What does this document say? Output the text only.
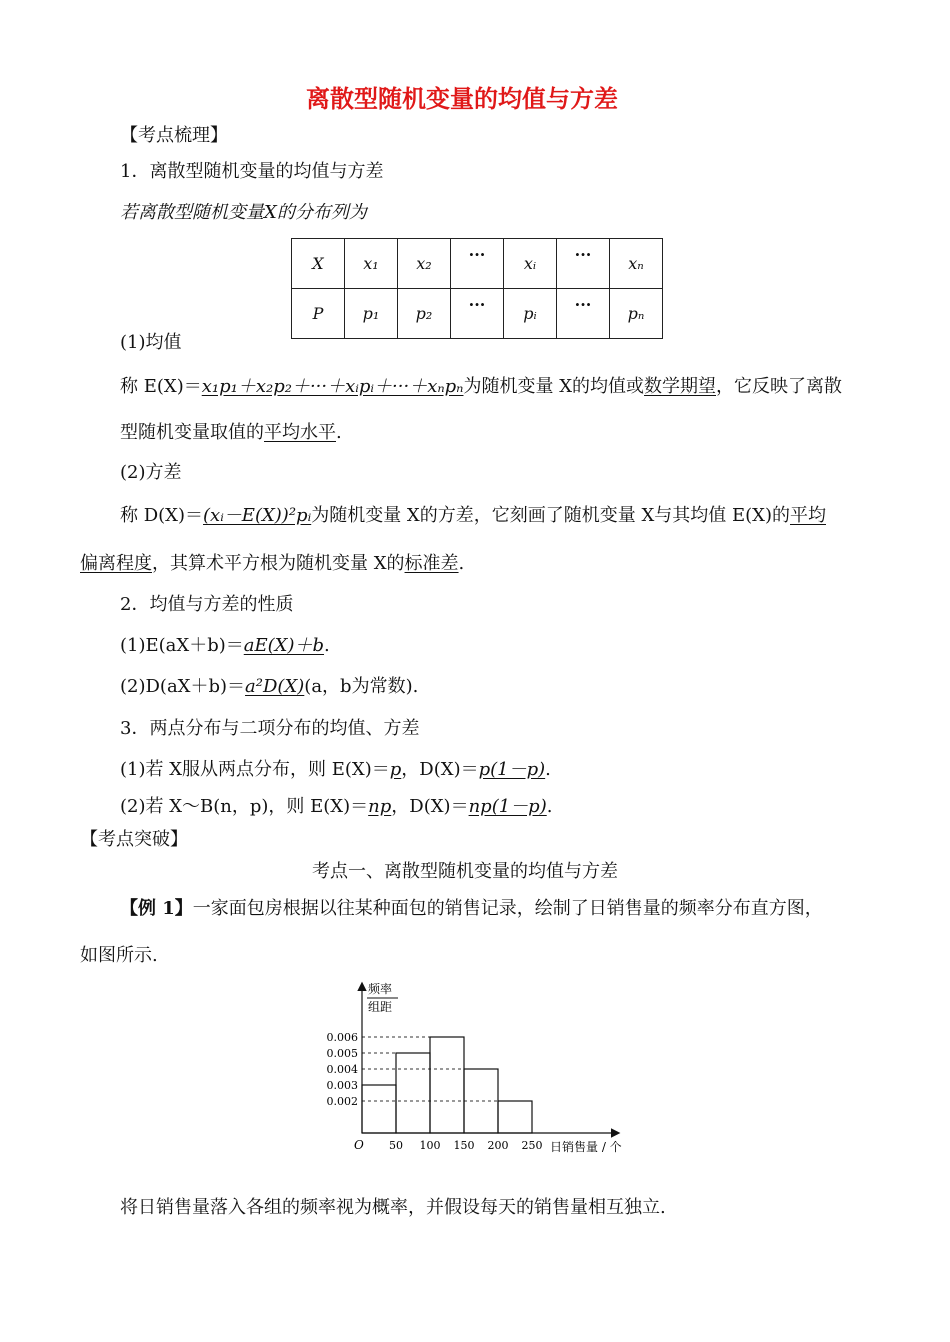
离散型随机变量的均值与方差
【考点梳理】
1．离散型随机变量的均值与方差
若离散型随机变量X的分布列为
X	x₁	x₂	···	xᵢ	···	xₙ
P	p₁	p₂	···	pᵢ	···	pₙ
(1)均值
称 E(X)＝x₁p₁＋x₂p₂＋···＋xᵢpᵢ＋···＋xₙpₙ为随机变量 X的均值或数学期望，它反映了离散
型随机变量取值的平均水平.
(2)方差
称 D(X)＝(xᵢ－E(X))²pᵢ为随机变量 X的方差，它刻画了随机变量 X与其均值 E(X)的平均
偏离程度，其算术平方根为随机变量 X的标准差.
2．均值与方差的性质
(1)E(aX＋b)＝aE(X)＋b.
(2)D(aX＋b)＝a²D(X)(a，b为常数).
3．两点分布与二项分布的均值、方差
(1)若 X服从两点分布，则 E(X)＝p，D(X)＝p(1－p).
(2)若 X～B(n，p)，则 E(X)＝np，D(X)＝np(1－p).
【考点突破】
考点一、离散型随机变量的均值与方差
【例 1】一家面包房根据以往某种面包的销售记录，绘制了日销售量的频率分布直方图，
如图所示.
频率
组距
O	日销售量 / 个
0.006
0.005
0.004
0.003
0.002
50 100 150 200 250
将日销售量落入各组的频率视为概率，并假设每天的销售量相互独立.
